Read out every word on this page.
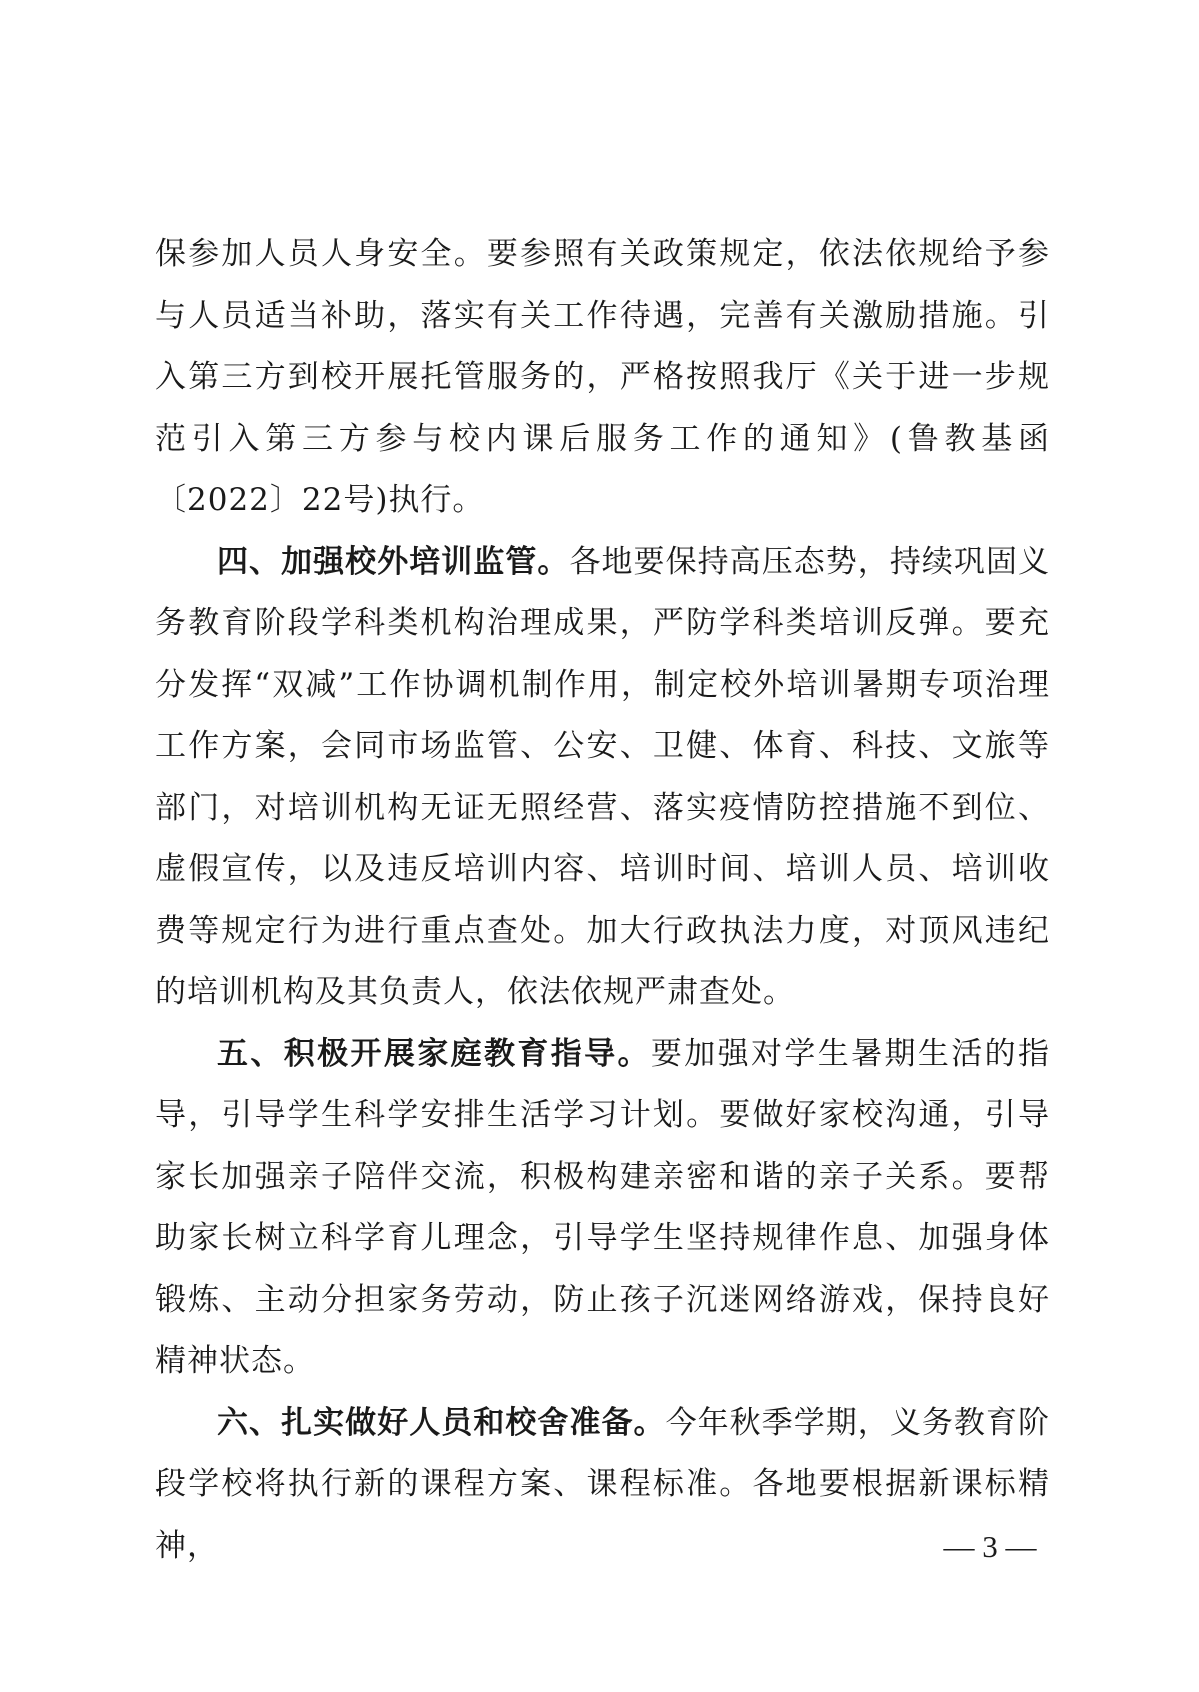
保参加人员人身安全。要参照有关政策规定，依法依规给予参与人员适当补助，落实有关工作待遇，完善有关激励措施。引入第三方到校开展托管服务的，严格按照我厅《关于进一步规范引入第三方参与校内课后服务工作的通知》(鲁教基函〔2022〕22号)执行。

四、加强校外培训监管。各地要保持高压态势，持续巩固义务教育阶段学科类机构治理成果，严防学科类培训反弹。要充分发挥“双减”工作协调机制作用，制定校外培训暑期专项治理工作方案，会同市场监管、公安、卫健、体育、科技、文旅等部门，对培训机构无证无照经营、落实疫情防控措施不到位、虚假宣传，以及违反培训内容、培训时间、培训人员、培训收费等规定行为进行重点查处。加大行政执法力度，对顶风违纪的培训机构及其负责人，依法依规严肃查处。

五、积极开展家庭教育指导。要加强对学生暑期生活的指导，引导学生科学安排生活学习计划。要做好家校沟通，引导家长加强亲子陪伴交流，积极构建亲密和谐的亲子关系。要帮助家长树立科学育儿理念，引导学生坚持规律作息、加强身体锻炼、主动分担家务劳动，防止孩子沉迷网络游戏，保持良好精神状态。

六、扎实做好人员和校舍准备。今年秋季学期，义务教育阶段学校将执行新的课程方案、课程标准。各地要根据新课标精神，	— 3 —
